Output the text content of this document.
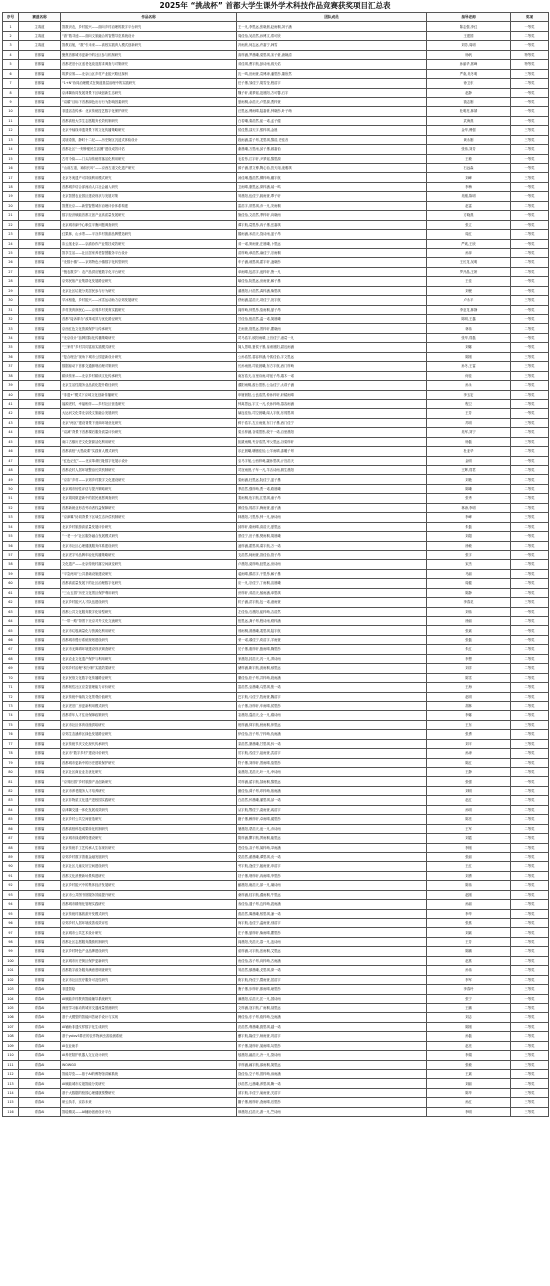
2025年 “挑战杯” 首都大学生课外学术科技作品竞赛获奖项目汇总表
序号	赛道名称	作品名称	团队成员	指导老师	奖项
1	主赛道	智数识农，乡村振兴——面向乡村治理的数字平台研究	王一凡,李思远,张晓晨,赵雨桐,刘子涵	陈志强,李红	一等奖
2	主赛道	“游”数寻迹——面向文旅融合的智慧导览系统设计	周佳怡,吴浩然,孙博文,郑可欣	王建国	二等奖
3	主赛道	智教启航，“数”引未来——高校实践育人模式创新研究	冯雨欣,何志远,许嘉宁,韩雪	刘芳,周明	一等奖
4	首都篇	聚焦首都城市更新中的社区参与机制研究	高梓涵,罗晨曦,梁思琪,宋子豪,唐婉清	杨帆	特等奖
5	首都篇	首都老旧小区适老化改造需求调查与对策研究	邓佳琪,曹宇航,彭诗雨,蒋天佑	孙丽华,郭峰	特等奖
6	首都篇	筑梦京郊——北京山区乡村产业振兴路径探析	沈一鸣,田雨萱,袁博涛,潘思彤,董欣然	严欢,吴冬明	三等奖
7	首都篇	“1+N”协同治理模式在街道基层治理中的实践研究	任子墨,邹佳宁,胡雪莹,程浩宇	徐卫东	二等奖
8	首都篇	京津冀协同发展背景下区域创新生态研究	魏子轩,姜梦瑶,范晨阳,方可馨,石宇	赵静	一等奖
9	首都篇	“双碳”目标下首都绿色出行行为影响因素研究	夏雨桐,余浩天,卢思源,贾梓萱	钱志刚	一等奖
10	首都篇	非遗活态传承：北京传统技艺数字化保护研究	汪思远,傅雨晴,陆嘉豪,钟晓彤,叶子萌	杜明亮,林婧	一等奖
11	首都篇	首都高校大学生志愿服务长效机制研究	白若曦,秦浩然,崔一诺,孟子健	武海燕	一等奖
12	首都篇	北京中轴线申遗背景下的文化传播策略研究	侯佳慧,邵天宇,熊梓琪,金晨	金华,傅强	三等奖
13	首都篇	灵境奇旅，静时十二纪——历史街区沉浸式体验设计	段雨涵,雷子昂,龙思琪,黎浩,史佳音	黄永刚	三等奖
14	首都篇	首都社区“一刻钟便民生活圈”建设成效评估	谢晨曦,万思雨,邱子墨,顾嘉怡	张伟,刘芳	二等奖
15	首都篇	古村今韵——门头沟传统村落活化利用研究	毛若彤,江宇轩,尹梦瑶,黎思源	王敏	一等奖
16	首都篇	“山前古道，神韵长吟”——京西古道文化遗产研究	薛子涵,蔡文博,陶心怡,贺天翊,庞雅琪	石远森	一等奖
17	首都篇	北京冬奥遗产可持续利用模式研究	汤佳琳,殷浩然,柳梓萌,戴宇航	刘峰	三等奖
18	首都篇	首都城乡结合部流动人口社会融入研究	卫雨晴,康思远,廖梓涵,郝一鸣	李梅	一等奖
19	首都篇	北京智慧农业园区建设现状与发展对策	易晨阳,伍佳宁,姚雨萱,覃子轩	吴刚,陈明	一等奖
20	首都篇	智慧北京——新型智慧城市治理评价体系构建	雷浩宇,常思琪,乔一凡,安雨桐	赵雷	二等奖
21	首都篇	数字经济赋能首都文创产业高质量发展研究	施佳怡,文浩然,季梓轩,向晓雨	方晓燕	一等奖
22	首都篇	北京城市副中心职住平衡问题调查研究	谭宇航,葛思彤,冉子墨,岳嘉琪	张立	一等奖
23	首都篇	红果林，山水寄——平谷乡村旅游品牌塑造研究	滕雨涵,米浩天,饶诗雨,蓝子昂	周红	二等奖
24	首都篇	彩云抵北京——京滇协作产业帮扶成效研究	邓一诺,窦雨萱,庄晨曦,卜思远	严欢,王欣	一等奖
25	首都篇	智享生活——社区居家养老智慧服务平台设计	苗梓萌,章浩然,麻佳宁,宗雨桐	孙萍	二等奖
26	首都篇	“北数小镇”——京郊特色小镇数字化转型研究	车子涵,戚思琪,霍宇轩,凌晓彤	王长龙,吴明	二等奖
27	首都篇	“链农数享”：农产品供应链数字化平台研究	单雨晴,包浩宇,池梓轩,鲁一凡	罗开晶,王妍	二等奖
28	首都篇	京郊民宿产业集群化发展路径研究	喻佳怡,阮思远,房雨萱,解子墨	王佳	一等奖
29	首都篇	北京社区垃圾分类居民参与行为研究	蒲晨阳,计浩然,禹梓涵,柴思琪	刘俊	一等奖
30	首都篇	早冰相逢，乡村振兴——冰雪运动助力京郊发展研究	舒雨涵,屈浩天,项佳宁,祝宇航	卢永平	三等奖
31	首都篇	乡村美育润民心——京郊乡村美育实践研究	阎梓萌,仲思彤,詹雨桐,晏子昂	李亚龙,林静	一等奖
32	首都篇	首都“接诉即办”改革成效与优化路径研究	甘佳怡,钮浩然,温一诺,简晨曦	陈明,王鑫	一等奖
33	首都篇	京西红色文化资源保护与传承研究	左雨萱,管思远,景梓轩,瞿晓雨	林伟	二等奖
34	首都篇	“北京设计”品牌国际化传播策略研究	司马浩宇,欧阳雨晴,上官佳宁,诸葛一凡	张华,郑磊	一等奖
35	首都篇	“三家村”乡村共同富裕实践模式研究	闻人思琪,夏侯子墨,皇甫晨阳,尉迟雨涵	刘娜	一等奖
36	首都篇	“复合理念”视角下城市公园更新设计研究	公孙浩然,慕容梓涵,令狐佳怡,宇文思远	陈刚	三等奖
37	首都篇	数据驱动下首都交通拥堵治理对策研究	长孙雨萱,司徒晨曦,东方宇航,西门梓萌	孙冬,王雷	三等奖
38	首都篇	耕读传家——北京乡村耕读文化传承研究	南宫浩天,百里诗雨,呼延子昂,端木一诺	何佳	三等奖
39	首都篇	北京生活性服务业品质化提升路径研究	濮阳雨桐,澹台思彤,公冶佳宁,太叔子涵	孙永	二等奖
40	首都篇	“非遗+”模式下京味文化创新传播研究	申屠晨阳,公良浩然,仲孙梓轩,轩辕雨晴	李玉宏	二等奖
41	首都篇	福源老村，幸福相伴——乡村社区营造研究	钟离思远,宇文一凡,长孙梓萌,慕容雨涵	程卫	二等奖
42	首都篇	大运河文化带北京段文旅融合发展研究	赫连佳怡,司空晨曦,闻人宇航,东郭思琪	王芳	一等奖
43	首都篇	北京“两区”建设背景下营商环境优化研究	鲜于浩宇,左丘雨萱,东门子墨,西门佳宁	苏明	三等奖
44	首都篇	“双减”背景下首都课后服务质量评价研究	梁丘梓涵,谷梁思彤,段干一诺,百里晨阳	吴军,刘宁	二等奖
45	首都篇	南口古镇历史文化资源活化利用研究	拓跋雨桐,夹谷浩然,宰父思远,谷梁梓轩	杨磊	三等奖
46	首都篇	首都高校“大思政课”实践育人模式研究	乐正晨曦,壤驷佳怡,公羊雨晴,漆雕子昂	杜亚华	二等奖
47	首都篇	“红色记忆”——北京革命旧址数字化展示设计	巫马宇航,公西梓萌,颛孙思琪,亓官浩天	金明	一等奖
48	首都篇	首都农村人居环境整治长效机制研究	司寇雨萱,子车一凡,羊舌诗雨,微生晨阳	王辉,郑君	二等奖
49	首都篇	“京彩”乡村——京郊乡村数字文化建设研究	梁雨涵,杜思远,阮佳宁,蓝子墨	刘艳	二等奖
50	首都篇	北京城市韧性评估与提升策略研究	季浩然,强梓萌,贾一诺,路晨曦	陈曦	二等奖
51	首都篇	北京胡同微更新中的居民意愿调查研究	娄雨桐,危宇航,江思琪,童子昂	张秀	二等奖
52	首都篇	首都新就业形态劳动者权益保障研究	颜佳怡,郭浩宇,梅雨萱,盛子涵	林涛,李明	二等奖
53	首都篇	“京津冀”协同背景下区域生态补偿机制研究	林晨阳,刁思彤,钟一凡,徐诗雨	李峰	三等奖
54	首都篇	北京乡村旅游高质量发展评价研究	邱梓轩,骆雨晴,高浩天,夏思远	朱磊	二等奖
55	首都篇	“一老一小”社区服务融合发展模式研究	蔡佳宁,田子墨,樊雨桐,胡晨曦	刘超	一等奖
56	首都篇	北京市社区心理健康服务体系建设研究	凌梓涵,霍思琪,虞宇航,万一诺	徐敏	二等奖
57	首都篇	北京老字号品牌年轻化传播策略研究	支浩然,柯雨萱,昝佳怡,管子昂	张宇	一等奖
58	首都篇	文化遗产——北京传统村落空间演变研究	卢晨阳,莫梓萌,经思远,房诗雨	宋杰	二等奖
59	首都篇	“平急两用”公共基础设施建设研究	裘雨晴,缪浩宇,干思彤,解子墨	马丽	二等奖
60	首都篇	首都高质量发展下的社区治理数字化研究	应一凡,宗佳宁,丁雨桐,宣晨曦	周健	二等奖
61	首都篇	“三山五园”历史文化景区保护利用研究	贲梓轩,邓浩天,郁雨涵,单思琪	陈静	二等奖
62	首都篇	北京乡村振兴人才队伍建设研究	杭子涵,洪宇航,包一诺,诸雨萱	李春花	三等奖
63	首都篇	首都公共文化服务数字化转型研究	左佳怡,石晨阳,崔梓萌,吉浩然	刘伟	一等奖
64	首都篇	“一带一路”背景下北京对外文化交流研究	钮思远,龚子昂,程诗雨,嵇梓涵	徐丽	二等奖
65	首都篇	北京市垃圾减量化与资源化利用研究	邢雨桐,滑晨曦,裴思琪,陆宇航	张斌	一等奖
66	首都篇	首都城市慢行系统规划建设研究	荣一诺,翁佳宁,荀浩宇,羊雨萱	张磊	一等奖
67	首都篇	北京市无障碍环境建设现状调查研究	於子墨,惠梓轩,甄雨晴,麴思彤	朱红	二等奖
68	首都篇	北京农业文化遗产保护与利用研究	家晨阳,封浩天,芮一凡,羿诗雨	李想	二等奖
69	首都篇	京郊乡村治理“积分制”实践效果研究	储梓涵,靳宇航,汲雨桐,邴思远	刘洋	二等奖
70	首都篇	北京民俗文化数字化传播路径研究	糜佳怡,松子昂,井梓萌,段雨涵	陈雪	二等奖
71	首都篇	首都韧性社区应急管理能力评价研究	富浩然,巫晨曦,乌思琪,焦一诺	王海	二等奖
72	首都篇	北京传统中轴线文化景观价值研究	巴宇航,弓佳宁,牧雨萱,隗浩宇	赵明	二等奖
73	首都篇	北京老旧厂房更新利用模式研究	山子墨,谷梓轩,车雨晴,侯思彤	胡林	二等奖
74	首都篇	首都青年人才住房保障政策研究	宓晨阳,蓬浩天,全一凡,郗诗雨	李娜	二等奖
75	首都篇	北京市社区体育设施供给研究	班梓涵,仰宇航,秋雨桐,仲思远	王东	三等奖
76	首都篇	京郊生态涵养区绿色发展路径研究	伊佳怡,宫子昂,宁梓萌,仇雨涵	张勇	二等奖
77	首都篇	北京传统节庆文化现代传承研究	栾浩然,暴晨曦,甘思琪,钭一诺	刘平	三等奖
78	首都篇	北京市“数字乡村”建设评价研究	厉宇航,戎佳宁,祖雨萱,武浩宇	孙涛	二等奖
79	首都篇	首都城市更新中的历史建筑保护研究	符子墨,刘梓轩,景雨晴,詹思彤	陈红	二等奖
80	首都篇	北京社区商业业态优化研究	束晨阳,龙浩天,叶一凡,幸诗雨	王静	二等奖
81	首都篇	“京郊田园”乡村旅游产品创新研究	司梓涵,韶宇航,郜雨桐,黎思远	张强	一等奖
82	首都篇	北京市养老服务人才培养研究	蓟佳怡,薄子昂,印梓萌,宿雨涵	刘明	二等奖
83	首都篇	北京非物质文化遗产进校园实践研究	白浩然,怀晨曦,蒲思琪,邰一诺	赵红	二等奖
84	首都篇	京津冀交通一体化发展成效研究	从宇航,鄂佳宁,索雨萱,咸浩宇	孙明	二等奖
85	首都篇	北京乡村公共空间营造研究	籍子墨,赖梓轩,卓雨晴,蔺思彤	陈亮	二等奖
86	首都篇	首都高校科技成果转化机制研究	屠晨阳,蒙浩天,池一凡,乔诗雨	王军	二等奖
87	首都篇	北京城市绿道网络建设研究	阴梓涵,鬱宇航,胥雨桐,能思远	刘霞	二等奖
88	首都篇	北京传统手工艺传承人生存现状研究	苍佳怡,双子昂,闻梓萌,莘雨涵	李刚	二等奖
89	首都篇	京郊乡村数字普惠金融发展研究	党浩然,翟晨曦,谭思琪,贡一诺	张丽	二等奖
90	首都篇	北京社区儿童友好空间建设研究	劳宇航,逄佳宁,姬雨萱,申浩宇	王红	二等奖
91	首都篇	首都文化消费新场景构建研究	扶子墨,堵梓轩,冉雨晴,宰思彤	刘勇	二等奖
92	首都篇	北京乡村振兴中的集体经济发展研究	郦晨阳,雍浩天,郤一凡,璩诗雨	陈伟	二等奖
93	首都篇	北京市公共图书馆服务效能提升研究	桑梓涵,桂宇航,濮雨桐,牛思远	赵刚	二等奖
94	首都篇	首都城市精细化管理实践研究	寿佳怡,通子昂,边梓萌,扈雨涵	孙丽	二等奖
95	首都篇	北京传统村落旅游开发模式研究	燕浩然,冀晨曦,郏思琪,浦一诺	李华	二等奖
96	首都篇	京郊乡村人居环境改善成效评估	尚宇航,农佳宁,温雨萱,别浩宇	张燕	二等奖
97	首都篇	北京城市公共艺术设计研究	庄子墨,晏梓轩,柴雨晴,瞿思彤	刘斌	二等奖
98	首都篇	首都社区志愿服务激励机制研究	阎晨阳,充浩天,慕一凡,连诗雨	王芳	二等奖
99	首都篇	北京乡村特色产业品牌建设研究	茹梓涵,习宇航,宦雨桐,艾思远	陈鹏	二等奖
100	首都篇	北京城市历史街区保护更新研究	鱼佳怡,容子昂,向梓萌,古雨涵	赵燕	二等奖
101	首都篇	首都数字政务服务满意度调查研究	易浩然,慎晨曦,戈思琪,廖一诺	孙伟	二等奖
102	首都篇	北京市社区医疗服务可及性研究	庾宇航,终佳宁,暨雨萱,居浩宇	李军	二等奖
103	青春AI	非遗智绘	衡子墨,步梓轩,都雨晴,耿思彤	李春玲	三等奖
104	青春AI	AI赋能乡村教育智能辅导系统研究	满晨阳,弘浩天,匡一凡,国诗雨	张宁	一等奖
105	青春AI	深度学习驱动的城市交通流量预测研究	文梓涵,寇宇航,广雨桐,禄思远	王鹏	二等奖
106	青春AI	基于大模型的智能问答助手设计与实现	阙佳怡,东子昂,欧梓萌,殳雨涵	刘志	二等奖
107	青春AI	AI辅助非遗纹样数字化生成研究	沃浩然,利晨曦,蔚思琪,越一诺	陈刚	二等奖
108	青春AI	基于yolov5算法的农作物病虫害检测系统	夔宇航,隆佳宁,师雨萱,巩浩宇	孙磊	二等奖
109	青春AI	AI农业助手	厍子墨,聂梓轩,晁雨晴,勾思彤	赵亮	二等奖
110	青春AI	AI养老陪护机器人交互设计研究	敖晨阳,融浩天,冷一凡,訾诗雨	李娟	三等奖
111	青春AI	WOWGO	辛梓涵,阚宇航,那雨桐,简思远	张敏	三等奖
112	青春AI	智能导览——基于AI的博物馆讲解系统	饶佳怡,空子昂,曾梓萌,毋雨涵	王斌	二等奖
113	青春AI	AI赋能城市垃圾智能分类研究	沙浩然,乜晨曦,养思琪,鞠一诺	刘丽	二等奖
114	青春AI	基于大数据的校园心理健康预警研究	须宇航,丰佳宁,巢雨萱,关浩宇	陈华	三等奖
115	青春AI	研云执手，京彩未来	蒯子墨,相梓轩,查雨晴,后思彤	孙红	三等奖
116	青春AI	智绘精灵——AI辅助创意设计平台	荆晨阳,红浩天,游一凡,竺诗雨	李明	三等奖
